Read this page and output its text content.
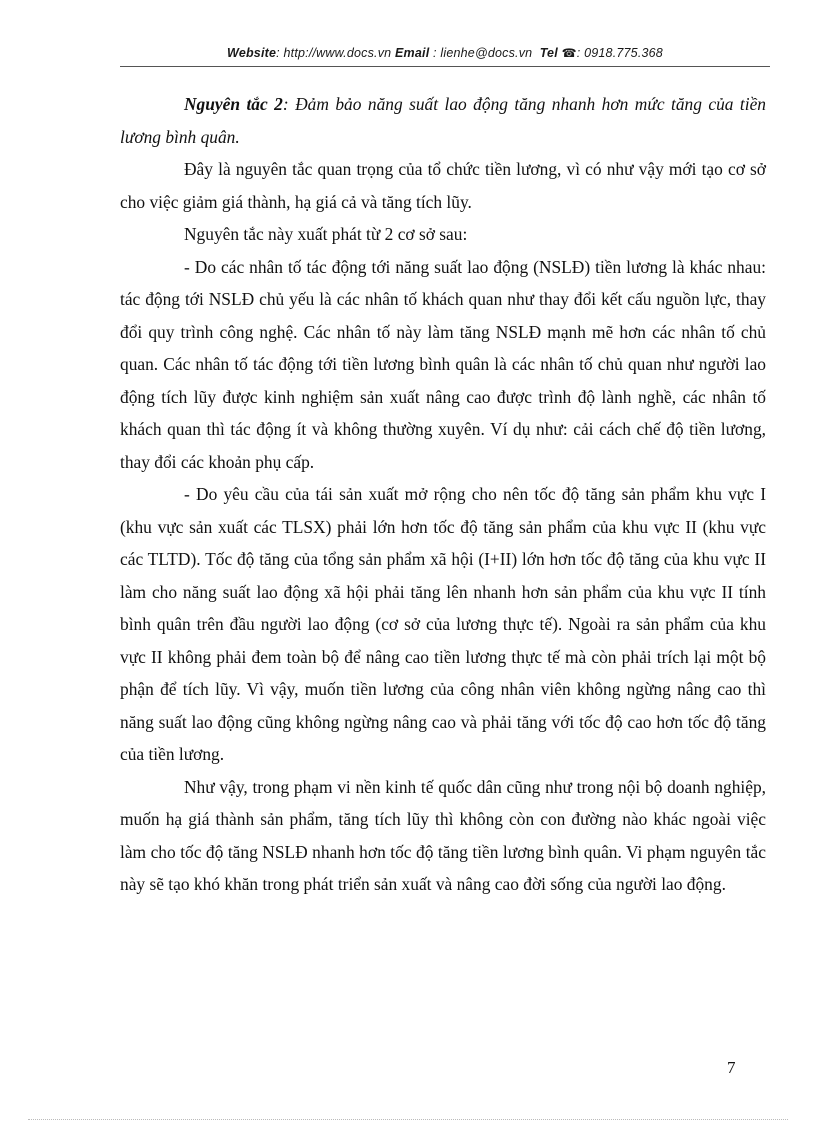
Website: http://www.docs.vn Email : lienhe@docs.vn Tel ☎: 0918.775.368

Nguyên tắc 2: Đảm bảo năng suất lao động tăng nhanh hơn mức tăng của tiền lương bình quân.

Đây là nguyên tắc quan trọng của tổ chức tiền lương, vì có như vậy mới tạo cơ sở cho việc giảm giá thành, hạ giá cả và tăng tích lũy.

Nguyên tắc này xuất phát từ 2 cơ sở sau:

- Do các nhân tố tác động tới năng suất lao động (NSLĐ) tiền lương là khác nhau: tác động tới NSLĐ chủ yếu là các nhân tố khách quan như thay đổi kết cấu nguồn lực, thay đổi quy trình công nghệ. Các nhân tố này làm tăng NSLĐ mạnh mẽ hơn các nhân tố chủ quan. Các nhân tố tác động tới tiền lương bình quân là các nhân tố chủ quan như người lao động tích lũy được kinh nghiệm sản xuất nâng cao được trình độ lành nghề, các nhân tố khách quan thì tác động ít và không thường xuyên. Ví dụ như: cải cách chế độ tiền lương, thay đổi các khoản phụ cấp.

- Do yêu cầu của tái sản xuất mở rộng cho nên tốc độ tăng sản phẩm khu vực I (khu vực sản xuất các TLSX) phải lớn hơn tốc độ tăng sản phẩm của khu vực II (khu vực các TLTD). Tốc độ tăng của tổng sản phẩm xã hội (I+II) lớn hơn tốc độ tăng của khu vực II làm cho năng suất lao động xã hội phải tăng lên nhanh hơn sản phẩm của khu vực II tính bình quân trên đầu người lao động (cơ sở của lương thực tế). Ngoài ra sản phẩm của khu vực II không phải đem toàn bộ để nâng cao tiền lương thực tế mà còn phải trích lại một bộ phận để tích lũy. Vì vậy, muốn tiền lương của công nhân viên không ngừng nâng cao thì năng suất lao động cũng không ngừng nâng cao và phải tăng với tốc độ cao hơn tốc độ tăng của tiền lương.

Như vậy, trong phạm vi nền kinh tế quốc dân cũng như trong nội bộ doanh nghiệp, muốn hạ giá thành sản phẩm, tăng tích lũy thì không còn con đường nào khác ngoài việc làm cho tốc độ tăng NSLĐ nhanh hơn tốc độ tăng tiền lương bình quân. Vi phạm nguyên tắc này sẽ tạo khó khăn trong phát triển sản xuất và nâng cao đời sống của người lao động.

7
